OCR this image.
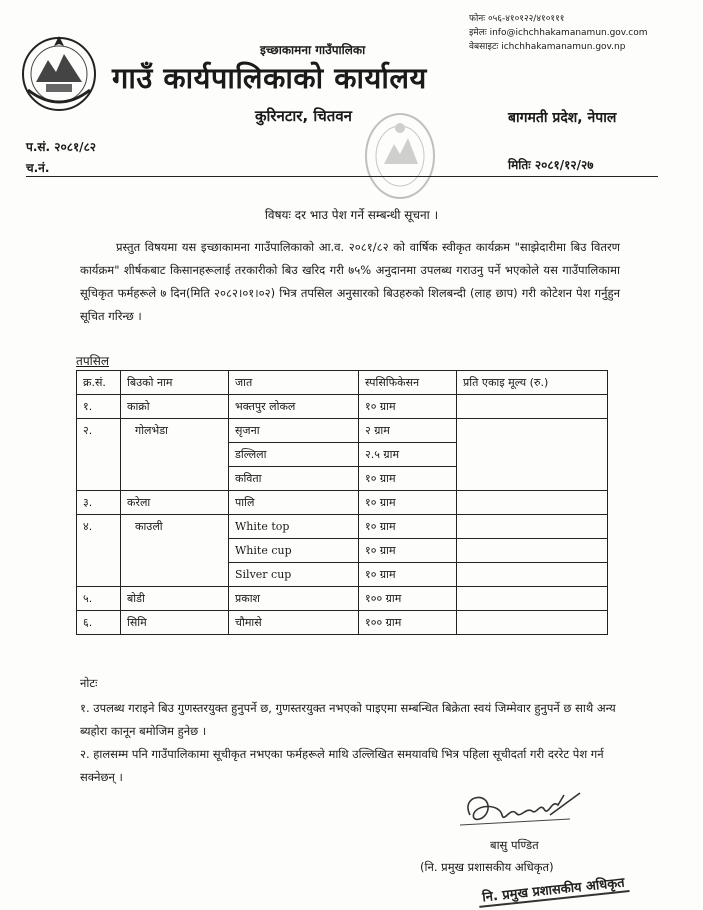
फोनः ०५६-४१०१२२/४१०१११
इमेलः info@ichchhakamanamun.gov.com
वेबसाइटः ichchhakamanamun.gov.np
इच्छाकामना गाउँपालिका
गाउँ कार्यपालिकाको कार्यालय
कुरिनटार, चितवन	बागमती प्रदेश, नेपाल
प.सं. २०८१/८२
च.नं.	मितिः २०८१/१२/२७
विषयः दर भाउ पेश गर्ने सम्बन्धी सूचना ।
प्रस्तुत विषयमा यस इच्छाकामना गाउँपालिकाको आ.व. २०८१/८२ को वार्षिक स्वीकृत कार्यक्रम "साझेदारीमा बिउ वितरण कार्यक्रम" शीर्षकबाट किसानहरूलाई तरकारीको बिउ खरिद गरी ७५% अनुदानमा उपलब्ध गराउनु पर्ने भएकोले यस गाउँपालिकामा सूचिकृत फर्महरूले ७ दिन(मिति २०८२।०१।०२) भित्र तपसिल अनुसारको बिउहरुको शिलबन्दी (लाह छाप) गरी कोटेशन पेश गर्नुहुन सूचित गरिन्छ ।
तपसिल
क्र.सं.	बिउको नाम	जात	स्पसिफिकेसन	प्रति एकाइ मूल्य (रु.)
१.	काक्रो	भक्तपुर लोकल	१० ग्राम	
२.	गोलभेडा	सृजना	२ ग्राम	
		डल्लिला	२.५ ग्राम	
		कविता	१० ग्राम	
३.	करेला	पालि	१० ग्राम	
४.	काउली	White top	१० ग्राम	
		White cup	१० ग्राम	
		Silver cup	१० ग्राम	
५.	बोडी	प्रकाश	१०० ग्राम	
६.	सिमि	चौमासे	१०० ग्राम	
नोटः
१. उपलब्ध गराइने बिउ गुणस्तरयुक्त हुनुपर्ने छ, गुणस्तरयुक्त नभएको पाइएमा सम्बन्धित बिक्रेता स्वयं जिम्मेवार हुनुपर्ने छ साथै अन्य ब्यहोरा कानून बमोजिम हुनेछ ।
२. हालसम्म पनि गाउँपालिकामा सूचीकृत नभएका फर्महरूले माथि उल्लिखित समयावधि भित्र पहिला सूचीदर्ता गरी दररेट पेश गर्न सक्नेछन् ।
बासु पण्डित
(नि. प्रमुख प्रशासकीय अधिकृत)
नि. प्रमुख प्रशासकीय अधिकृत
